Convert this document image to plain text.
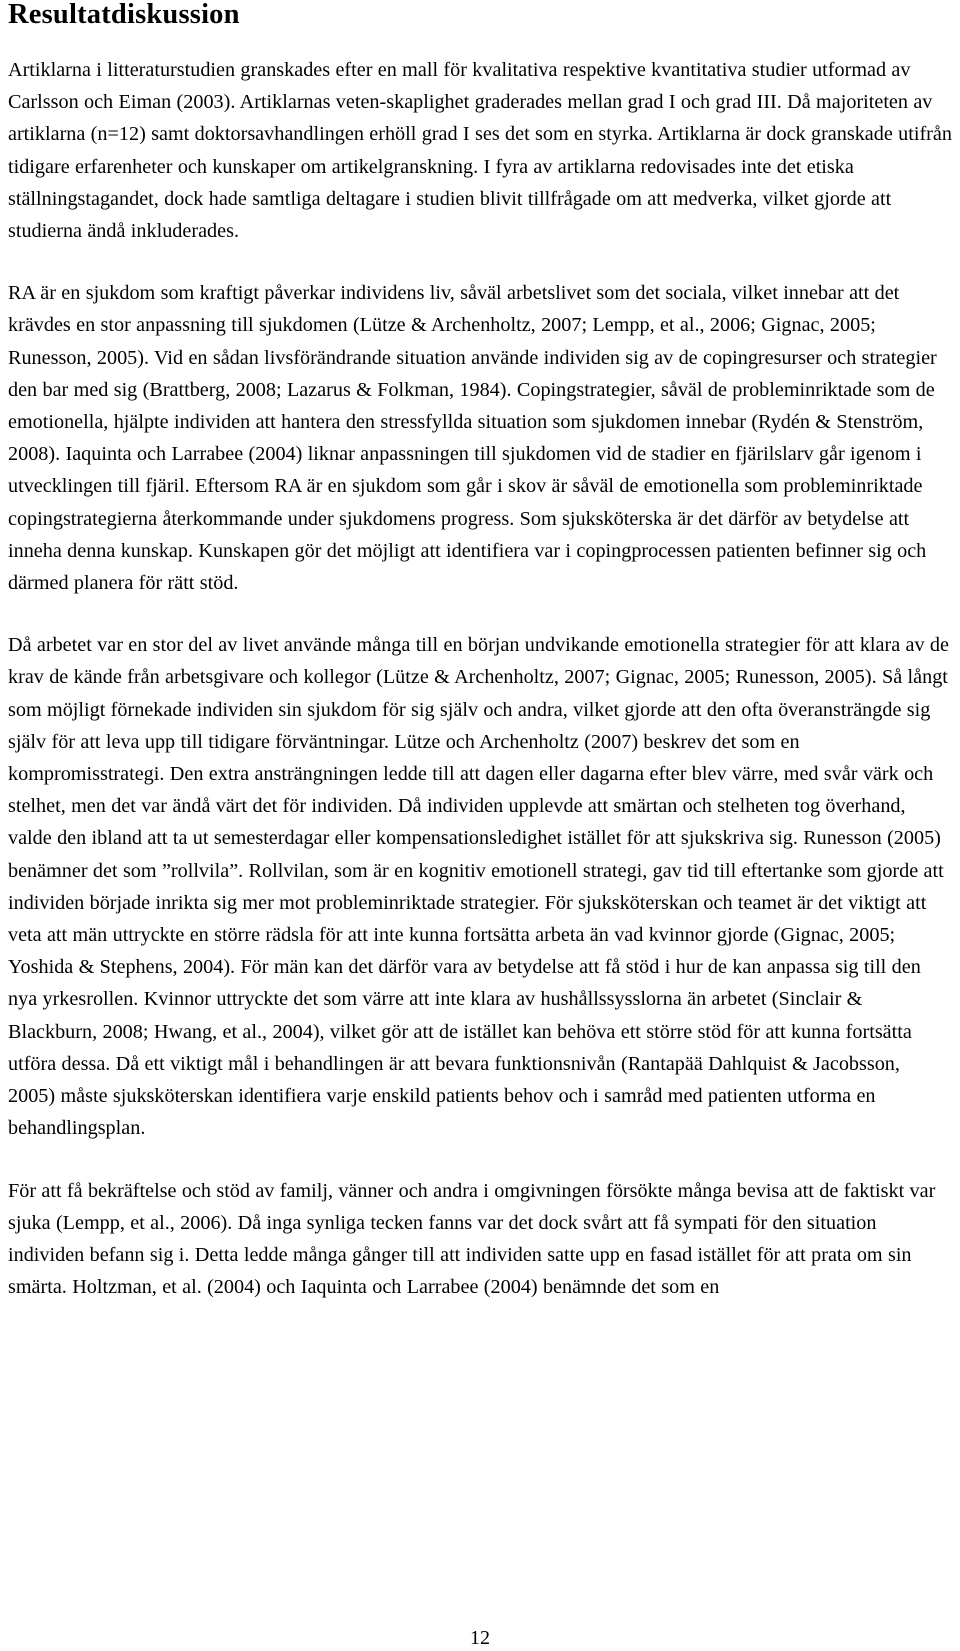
Resultatdiskussion

Artiklarna i litteraturstudien granskades efter en mall för kvalitativa respektive kvantitativa studier utformad av Carlsson och Eiman (2003). Artiklarnas veten-skaplighet graderades mellan grad I och grad III. Då majoriteten av artiklarna (n=12) samt doktorsavhandlingen erhöll grad I ses det som en styrka. Artiklarna är dock granskade utifrån tidigare erfarenheter och kunskaper om artikelgranskning. I fyra av artiklarna redovisades inte det etiska ställningstagandet, dock hade samtliga deltagare i studien blivit tillfrågade om att medverka, vilket gjorde att studierna ändå inkluderades.

RA är en sjukdom som kraftigt påverkar individens liv, såväl arbetslivet som det sociala, vilket innebar att det krävdes en stor anpassning till sjukdomen (Lütze & Archenholtz, 2007; Lempp, et al., 2006; Gignac, 2005; Runesson, 2005). Vid en sådan livsförändrande situation använde individen sig av de copingresurser och strategier den bar med sig (Brattberg, 2008; Lazarus & Folkman, 1984). Copingstrategier, såväl de probleminriktade som de emotionella, hjälpte individen att hantera den stressfyllda situation som sjukdomen innebar (Rydén & Stenström, 2008). Iaquinta och Larrabee (2004) liknar anpassningen till sjukdomen vid de stadier en fjärilslarv går igenom i utvecklingen till fjäril. Eftersom RA är en sjukdom som går i skov är såväl de emotionella som probleminriktade copingstrategierna återkommande under sjukdomens progress. Som sjuksköterska är det därför av betydelse att inneha denna kunskap. Kunskapen gör det möjligt att identifiera var i copingprocessen patienten befinner sig och därmed planera för rätt stöd.

Då arbetet var en stor del av livet använde många till en början undvikande emotionella strategier för att klara av de krav de kände från arbetsgivare och kollegor (Lütze & Archenholtz, 2007; Gignac, 2005; Runesson, 2005). Så långt som möjligt förnekade individen sin sjukdom för sig själv och andra, vilket gjorde att den ofta överansträngde sig själv för att leva upp till tidigare förväntningar. Lütze och Archenholtz (2007) beskrev det som en kompromisstrategi. Den extra ansträngningen ledde till att dagen eller dagarna efter blev värre, med svår värk och stelhet, men det var ändå värt det för individen. Då individen upplevde att smärtan och stelheten tog överhand, valde den ibland att ta ut semesterdagar eller kompensationsledighet istället för att sjukskriva sig. Runesson (2005) benämner det som ”rollvila”. Rollvilan, som är en kognitiv emotionell strategi, gav tid till eftertanke som gjorde att individen började inrikta sig mer mot probleminriktade strategier. För sjuksköterskan och teamet är det viktigt att veta att män uttryckte en större rädsla för att inte kunna fortsätta arbeta än vad kvinnor gjorde (Gignac, 2005; Yoshida & Stephens, 2004). För män kan det därför vara av betydelse att få stöd i hur de kan anpassa sig till den nya yrkesrollen. Kvinnor uttryckte det som värre att inte klara av hushållssysslorna än arbetet (Sinclair & Blackburn, 2008; Hwang, et al., 2004), vilket gör att de istället kan behöva ett större stöd för att kunna fortsätta utföra dessa. Då ett viktigt mål i behandlingen är att bevara funktionsnivån (Rantapää Dahlquist & Jacobsson, 2005) måste sjuksköterskan identifiera varje enskild patients behov och i samråd med patienten utforma en behandlingsplan.

För att få bekräftelse och stöd av familj, vänner och andra i omgivningen försökte många bevisa att de faktiskt var sjuka (Lempp, et al., 2006). Då inga synliga tecken fanns var det dock svårt att få sympati för den situation individen befann sig i. Detta ledde många gånger till att individen satte upp en fasad istället för att prata om sin smärta. Holtzman, et al. (2004) och Iaquinta och Larrabee (2004) benämnde det som en

12
